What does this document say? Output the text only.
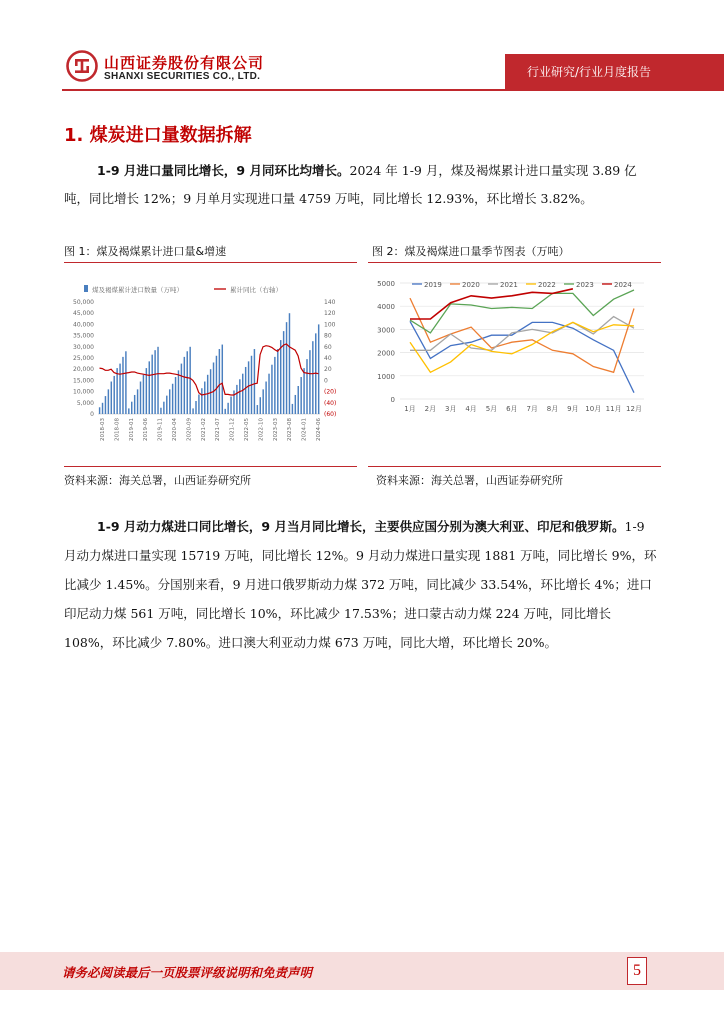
山西证券股份有限公司
SHANXI SECURITIES CO., LTD.	行业研究/行业月度报告
1. 煤炭进口量数据拆解
1-9 月进口量同比增长，9 月同环比均增长。2024 年 1-9 月，煤及褐煤累计进口量实现 3.89 亿吨，同比增长 12%；9 月单月实现进口量 4759 万吨，同比增长 12.93%，环比增长 3.82%。
图 1：煤及褐煤累计进口量&增速
煤及褐煤累计进口数量（万吨）	累计同比（右轴）
50,000
45,000
40,000
35,000
30,000
25,000
20,000
15,000
10,000
5,000
0
140
120
100
80
60
40
20
0
(20)
(40)
(60)
2018-03 2018-08 2019-01 2019-06 2019-11 2020-04 2020-09 2021-02 2021-07 2021-12 2022-05 2022-10 2023-03 2023-08 2024-01 2024-06
资料来源：海关总署，山西证券研究所
图 2：煤及褐煤进口量季节图表（万吨）
5000
4000
3000
2000
1000
0
2019	2020	2021	2022	2023	2024
1月 2月 3月 4月 5月 6月 7月 8月 9月 10月 11月 12月
资料来源：海关总署，山西证券研究所
1-9 月动力煤进口同比增长，9 月当月同比增长，主要供应国分别为澳大利亚、印尼和俄罗斯。1-9 月动力煤进口量实现 15719 万吨，同比增长 12%。9 月动力煤进口量实现 1881 万吨，同比增长 9%，环比减少 1.45%。分国别来看，9 月进口俄罗斯动力煤 372 万吨，同比减少 33.54%，环比增长 4%；进口印尼动力煤 561 万吨，同比增长 10%，环比减少 17.53%；进口蒙古动力煤 224 万吨，同比增长 108%，环比减少 7.80%。进口澳大利亚动力煤 673 万吨，同比大增，环比增长 20%。
请务必阅读最后一页股票评级说明和免责声明	5
